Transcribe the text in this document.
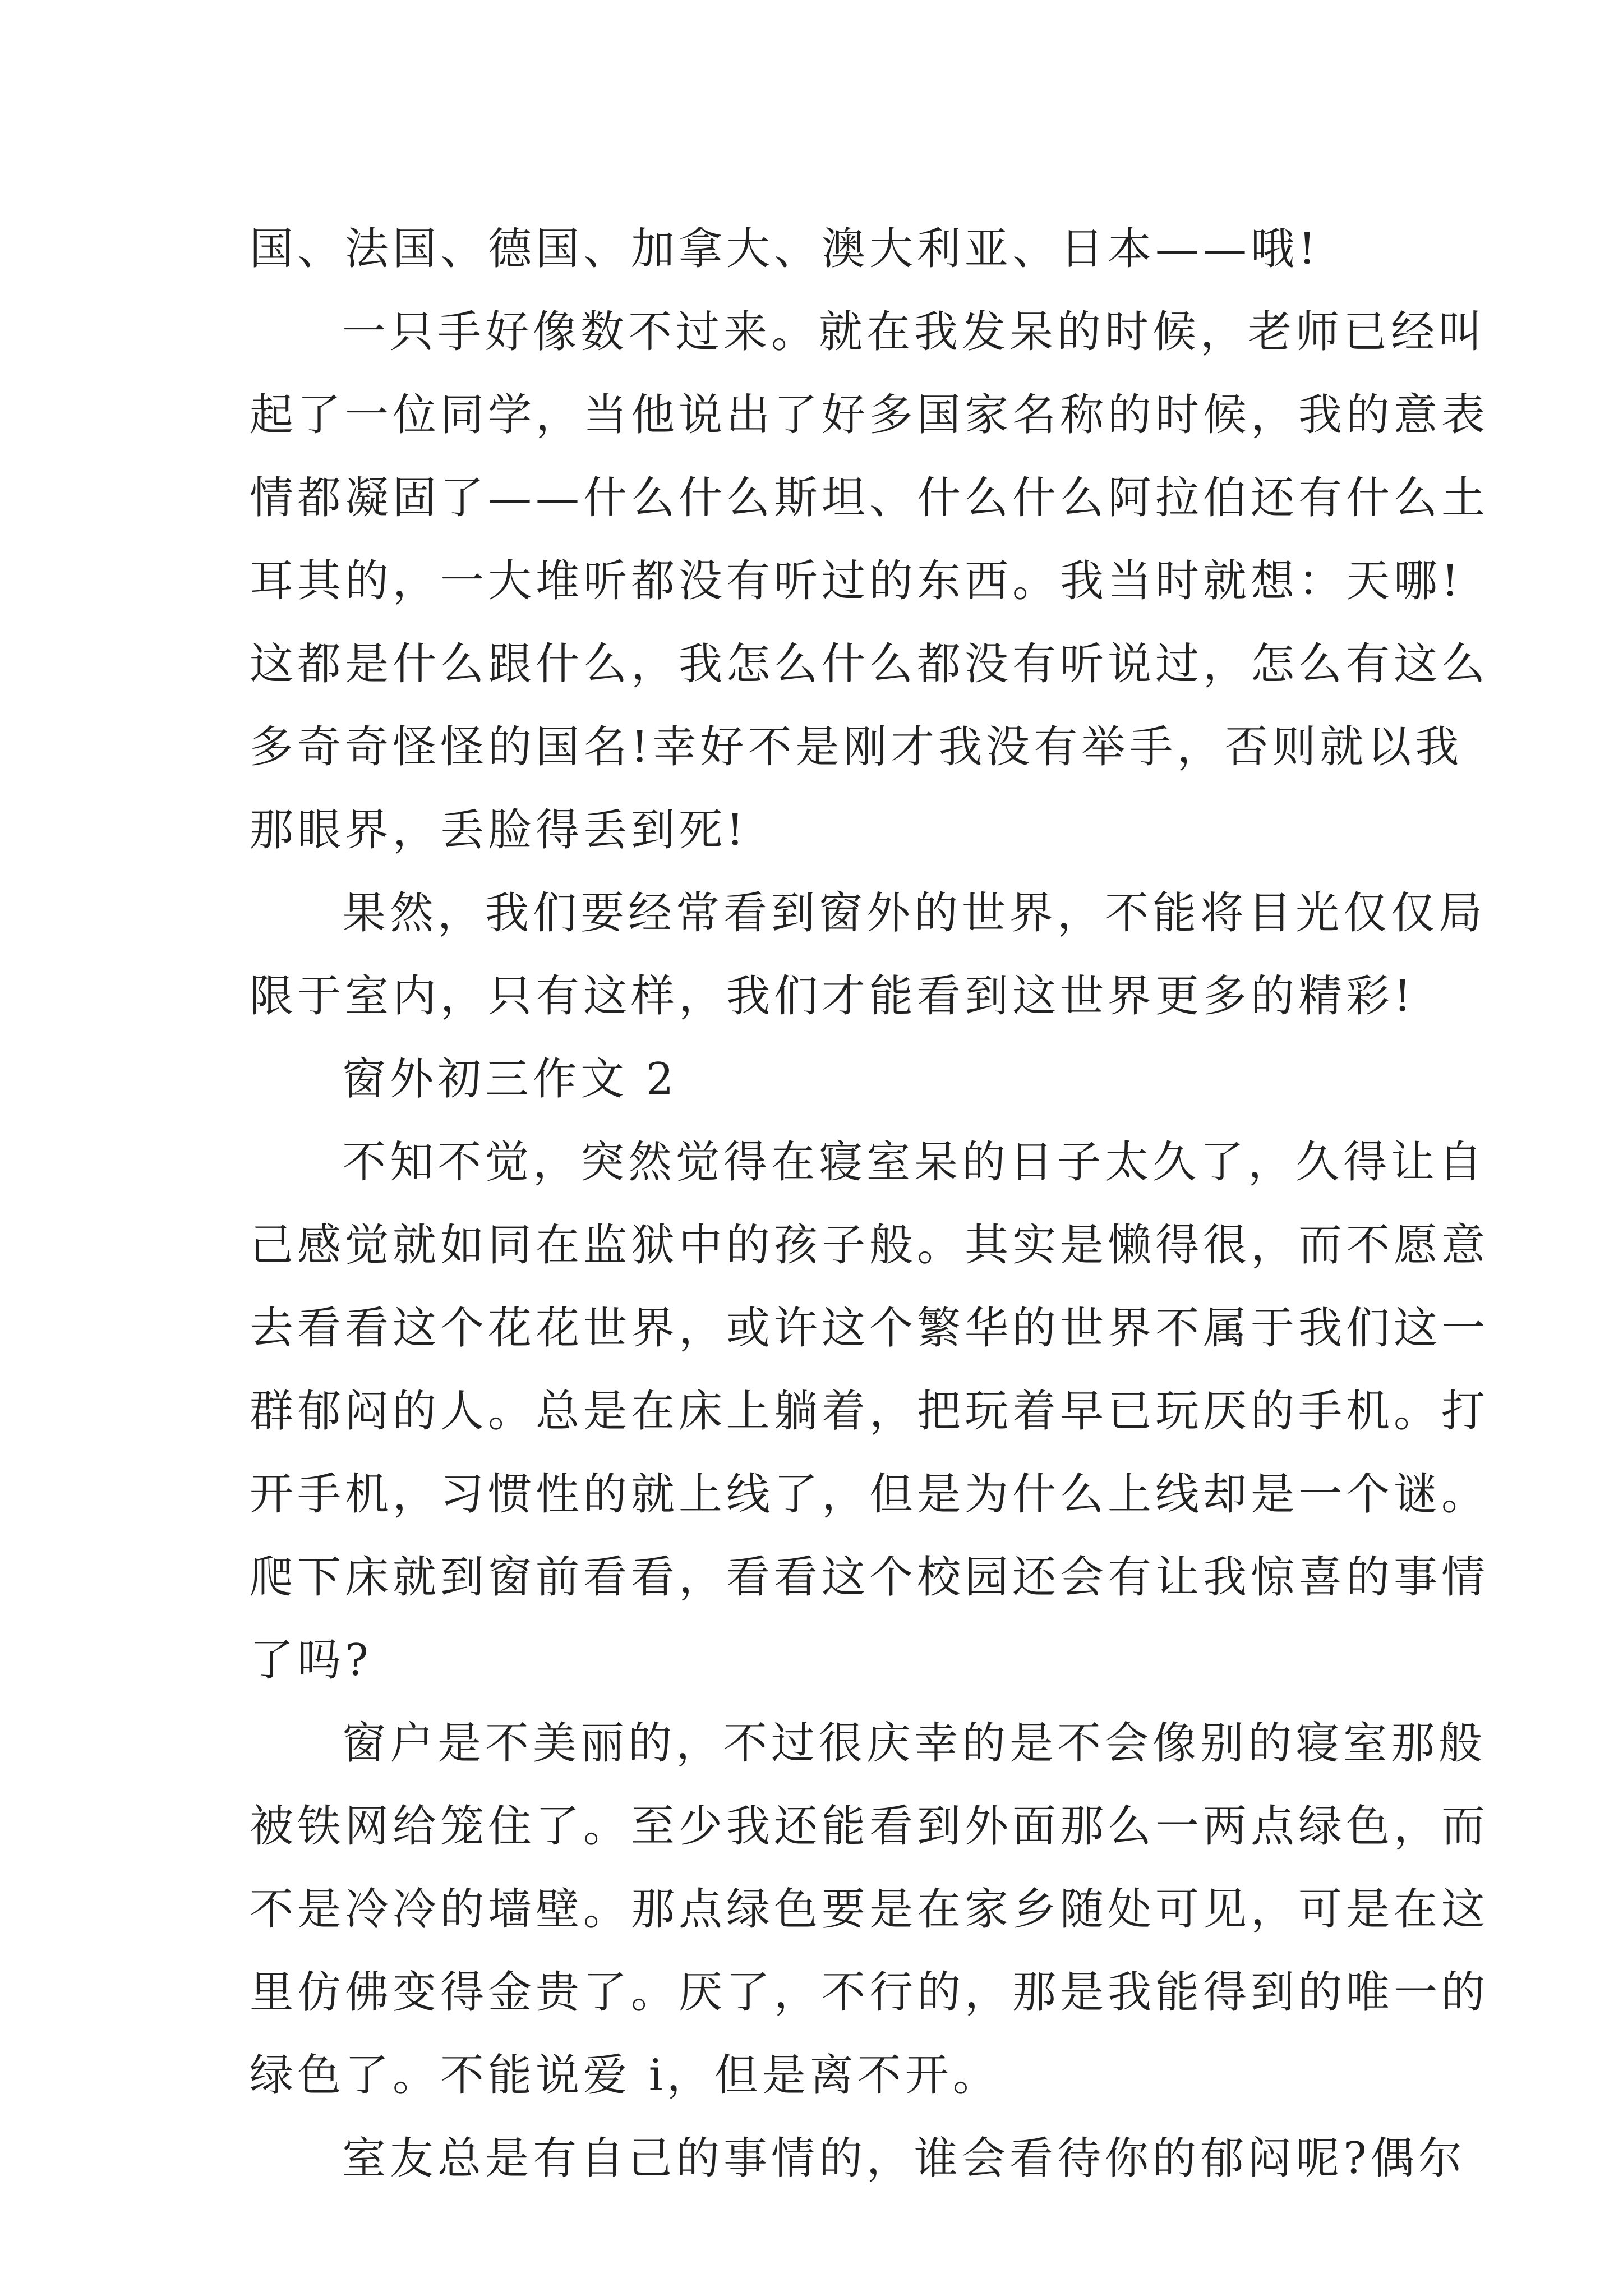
国、法国、德国、加拿大、澳大利亚、日本——哦!
一只手好像数不过来。就在我发呆的时候，老师已经叫
起了一位同学，当他说出了好多国家名称的时候，我的意表
情都凝固了——什么什么斯坦、什么什么阿拉伯还有什么土
耳其的，一大堆听都没有听过的东西。我当时就想：天哪!
这都是什么跟什么，我怎么什么都没有听说过，怎么有这么
多奇奇怪怪的国名!幸好不是刚才我没有举手，否则就以我
那眼界，丢脸得丢到死!
果然，我们要经常看到窗外的世界，不能将目光仅仅局
限于室内，只有这样，我们才能看到这世界更多的精彩!
窗外初三作文 2
不知不觉，突然觉得在寝室呆的日子太久了，久得让自
己感觉就如同在监狱中的孩子般。其实是懒得很，而不愿意
去看看这个花花世界，或许这个繁华的世界不属于我们这一
群郁闷的人。总是在床上躺着，把玩着早已玩厌的手机。打
开手机，习惯性的就上线了，但是为什么上线却是一个谜。
爬下床就到窗前看看，看看这个校园还会有让我惊喜的事情
了吗?
窗户是不美丽的，不过很庆幸的是不会像别的寝室那般
被铁网给笼住了。至少我还能看到外面那么一两点绿色，而
不是冷冷的墙壁。那点绿色要是在家乡随处可见，可是在这
里仿佛变得金贵了。厌了，不行的，那是我能得到的唯一的
绿色了。不能说爱 i，但是离不开。
室友总是有自己的事情的，谁会看待你的郁闷呢?偶尔
